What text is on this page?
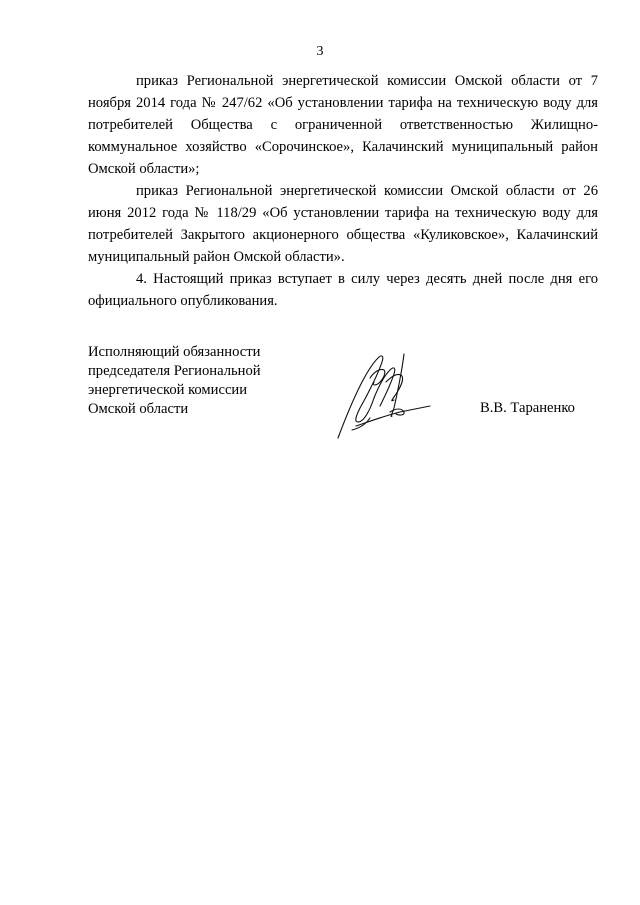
3

приказ Региональной энергетической комиссии Омской области от 7 ноября 2014 года № 247/62 «Об установлении тарифа на техническую воду для потребителей Общества с ограниченной ответственностью Жилищно-коммунальное хозяйство «Сорочинское», Калачинский муниципальный район Омской области»;

приказ Региональной энергетической комиссии Омской области от 26 июня 2012 года № 118/29 «Об установлении тарифа на техническую воду для потребителей Закрытого акционерного общества «Куликовское», Калачинский муниципальный район Омской области».

4. Настоящий приказ вступает в силу через десять дней после дня его официального опубликования.

Исполняющий обязанности
председателя Региональной
энергетической комиссии
Омской области	В.В. Тараненко
